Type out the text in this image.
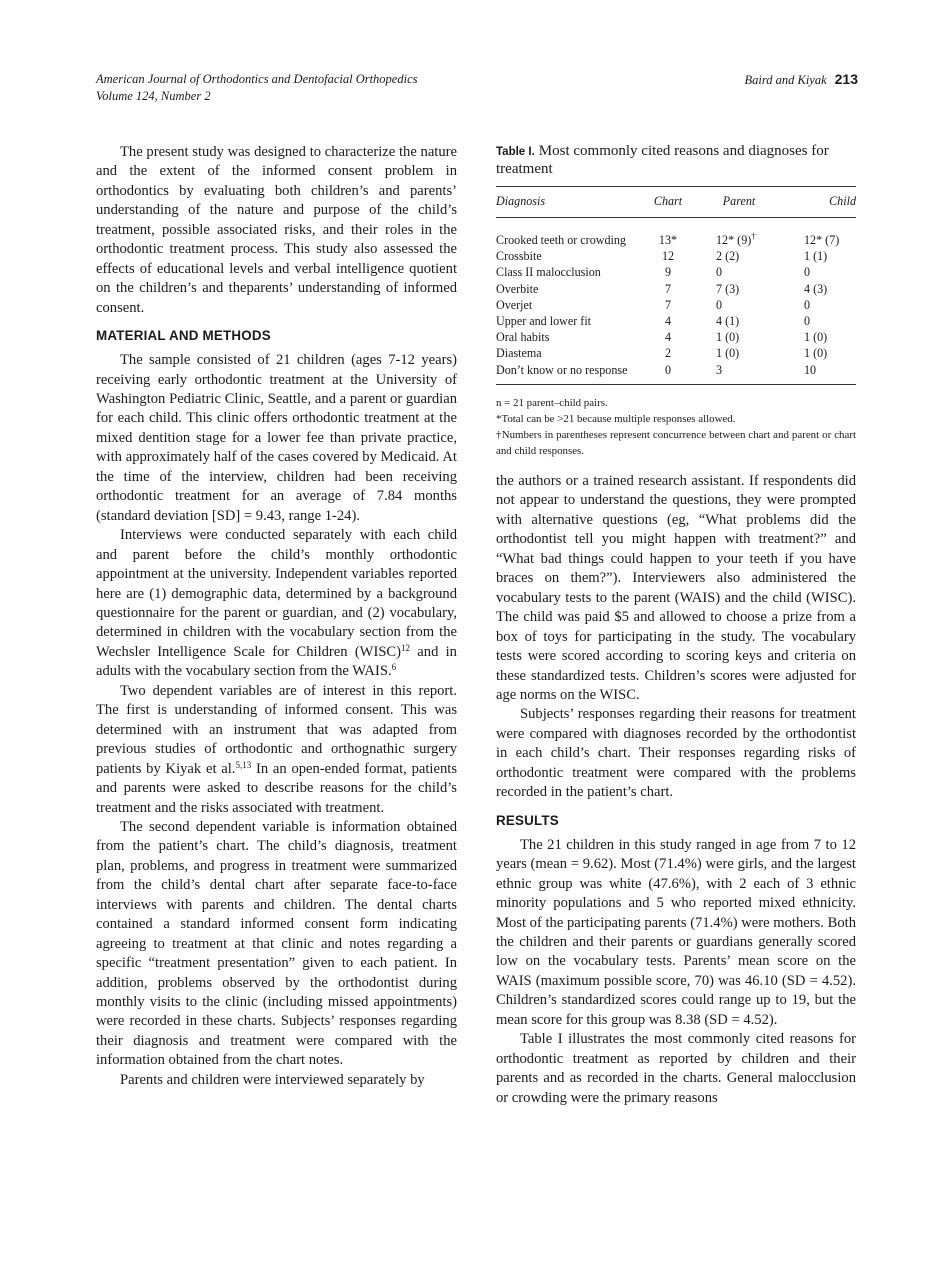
American Journal of Orthodontics and Dentofacial Orthopedics
Volume 124, Number 2
Baird and Kiyak 213

The present study was designed to characterize the nature and the extent of the informed consent problem in orthodontics by evaluating both children’s and parents’ understanding of the nature and purpose of the child’s treatment, possible associated risks, and their roles in the orthodontic treatment process. This study also assessed the effects of educational levels and verbal intelligence quotient on the children’s and theparents’ understanding of informed consent.

MATERIAL AND METHODS

The sample consisted of 21 children (ages 7-12 years) receiving early orthodontic treatment at the University of Washington Pediatric Clinic, Seattle, and a parent or guardian for each child. This clinic offers orthodontic treatment at the mixed dentition stage for a lower fee than private practice, with approximately half of the cases covered by Medicaid. At the time of the interview, children had been receiving orthodontic treatment for an average of 7.84 months (standard deviation [SD] = 9.43, range 1-24).

Interviews were conducted separately with each child and parent before the child’s monthly orthodontic appointment at the university. Independent variables reported here are (1) demographic data, determined by a background questionnaire for the parent or guardian, and (2) vocabulary, determined in children with the vocabulary section from the Wechsler Intelligence Scale for Children (WISC)$^{12}$ and in adults with the vocabulary section from the WAIS.$^6$

Two dependent variables are of interest in this report. The first is understanding of informed consent. This was determined with an instrument that was adapted from previous studies of orthodontic and orthognathic surgery patients by Kiyak et al.$^{5,13}$ In an open-ended format, patients and parents were asked to describe reasons for the child’s treatment and the risks associated with treatment.

The second dependent variable is information obtained from the patient’s chart. The child’s diagnosis, treatment plan, problems, and progress in treatment were summarized from the child’s dental chart after separate face-to-face interviews with parents and children. The dental charts contained a standard informed consent form indicating agreeing to treatment at that clinic and notes regarding a specific “treatment presentation” given to each patient. In addition, problems observed by the orthodontist during monthly visits to the clinic (including missed appointments) were recorded in these charts. Subjects’ responses regarding their diagnosis and treatment were compared with the information obtained from the chart notes.

Parents and children were interviewed separately by

Table I. Most commonly cited reasons and diagnoses for treatment
Diagnosis	Chart	Parent	Child
Crooked teeth or crowding	13*	12* (9)†	12* (7)
Crossbite	12	2 (2)	1 (1)
Class II malocclusion	9	0	0
Overbite	7	7 (3)	4 (3)
Overjet	7	0	0
Upper and lower fit	4	4 (1)	0
Oral habits	4	1 (0)	1 (0)
Diastema	2	1 (0)	1 (0)
Don’t know or no response	0	3	10
n = 21 parent–child pairs.
*Total can be >21 because multiple responses allowed.
†Numbers in parentheses represent concurrence between chart and parent or chart and child responses.

the authors or a trained research assistant. If respondents did not appear to understand the questions, they were prompted with alternative questions (eg, “What problems did the orthodontist tell you might happen with treatment?” and “What bad things could happen to your teeth if you have braces on them?”). Interviewers also administered the vocabulary tests to the parent (WAIS) and the child (WISC). The child was paid $5 and allowed to choose a prize from a box of toys for participating in the study. The vocabulary tests were scored according to scoring keys and criteria on these standardized tests. Children’s scores were adjusted for age norms on the WISC.

Subjects’ responses regarding their reasons for treatment were compared with diagnoses recorded by the orthodontist in each child’s chart. Their responses regarding risks of orthodontic treatment were compared with the problems recorded in the patient’s chart.

RESULTS

The 21 children in this study ranged in age from 7 to 12 years (mean = 9.62). Most (71.4%) were girls, and the largest ethnic group was white (47.6%), with 2 each of 3 ethnic minority populations and 5 who reported mixed ethnicity. Most of the participating parents (71.4%) were mothers. Both the children and their parents or guardians generally scored low on the vocabulary tests. Parents’ mean score on the WAIS (maximum possible score, 70) was 46.10 (SD = 4.52). Children’s standardized scores could range up to 19, but the mean score for this group was 8.38 (SD = 4.52).

Table I illustrates the most commonly cited reasons for orthodontic treatment as reported by children and their parents and as recorded in the charts. General malocclusion or crowding were the primary reasons
